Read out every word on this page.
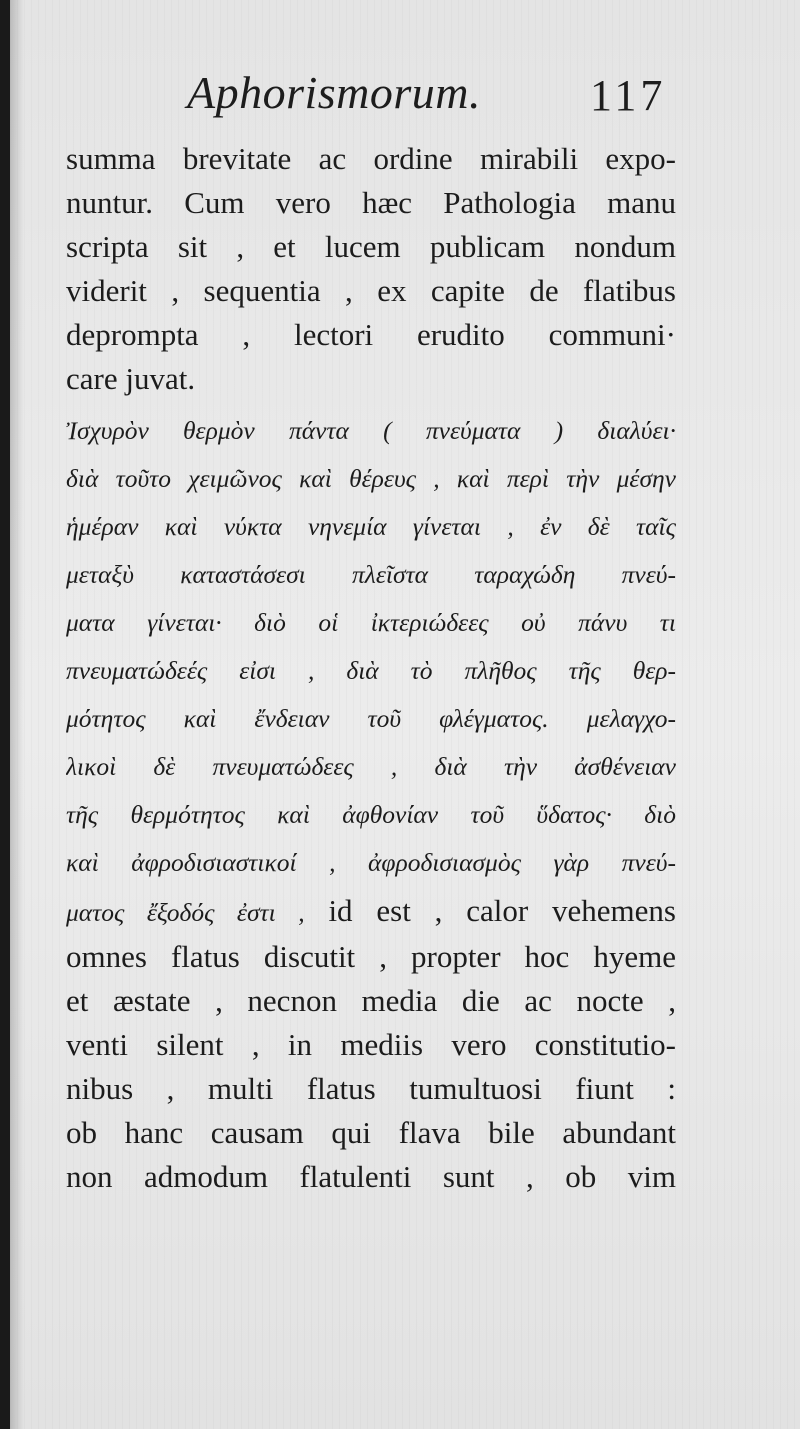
Aphorismorum. 117
summa brevitate ac ordine mirabili expo-
nuntur. Cum vero hæc Pathologia manu
scripta sit , et lucem publicam nondum
viderit , sequentia , ex capite de flatibus
deprompta , lectori erudito communi·
care juvat.
Ἰσχυρὸν θερμὸν πάντα ( πνεύματα ) διαλύει·
διὰ τοῦτο χειμῶνος καὶ θέρευς , καὶ περὶ τὴν μέσην
ἡμέραν καὶ νύκτα νηνεμία γίνεται , ἐν δὲ ταῖς
μεταξὺ καταστάσεσι πλεῖστα ταραχώδη πνεύ-
ματα γίνεται· διὸ οἱ ἰκτεριώδεες οὐ πάνυ τι
πνευματώδεές εἰσι , διὰ τὸ πλῆθος τῆς θερ-
μότητος καὶ ἔνδειαν τοῦ φλέγματος. μελαγχο-
λικοὶ δὲ πνευματώδεες , διὰ τὴν ἀσθένειαν
τῆς θερμότητος καὶ ἀφθονίαν τοῦ ὕδατος· διὸ
καὶ ἀφροδισιαστικοί , ἀφροδισιασμὸς γὰρ πνεύ-
ματος ἔξοδός ἐστι , id est , calor vehemens
omnes flatus discutit , propter hoc hyeme
et æstate , necnon media die ac nocte ,
venti silent , in mediis vero constitutio-
nibus , multi flatus tumultuosi fiunt :
ob hanc causam qui flava bile abundant
non admodum flatulenti sunt , ob vim
